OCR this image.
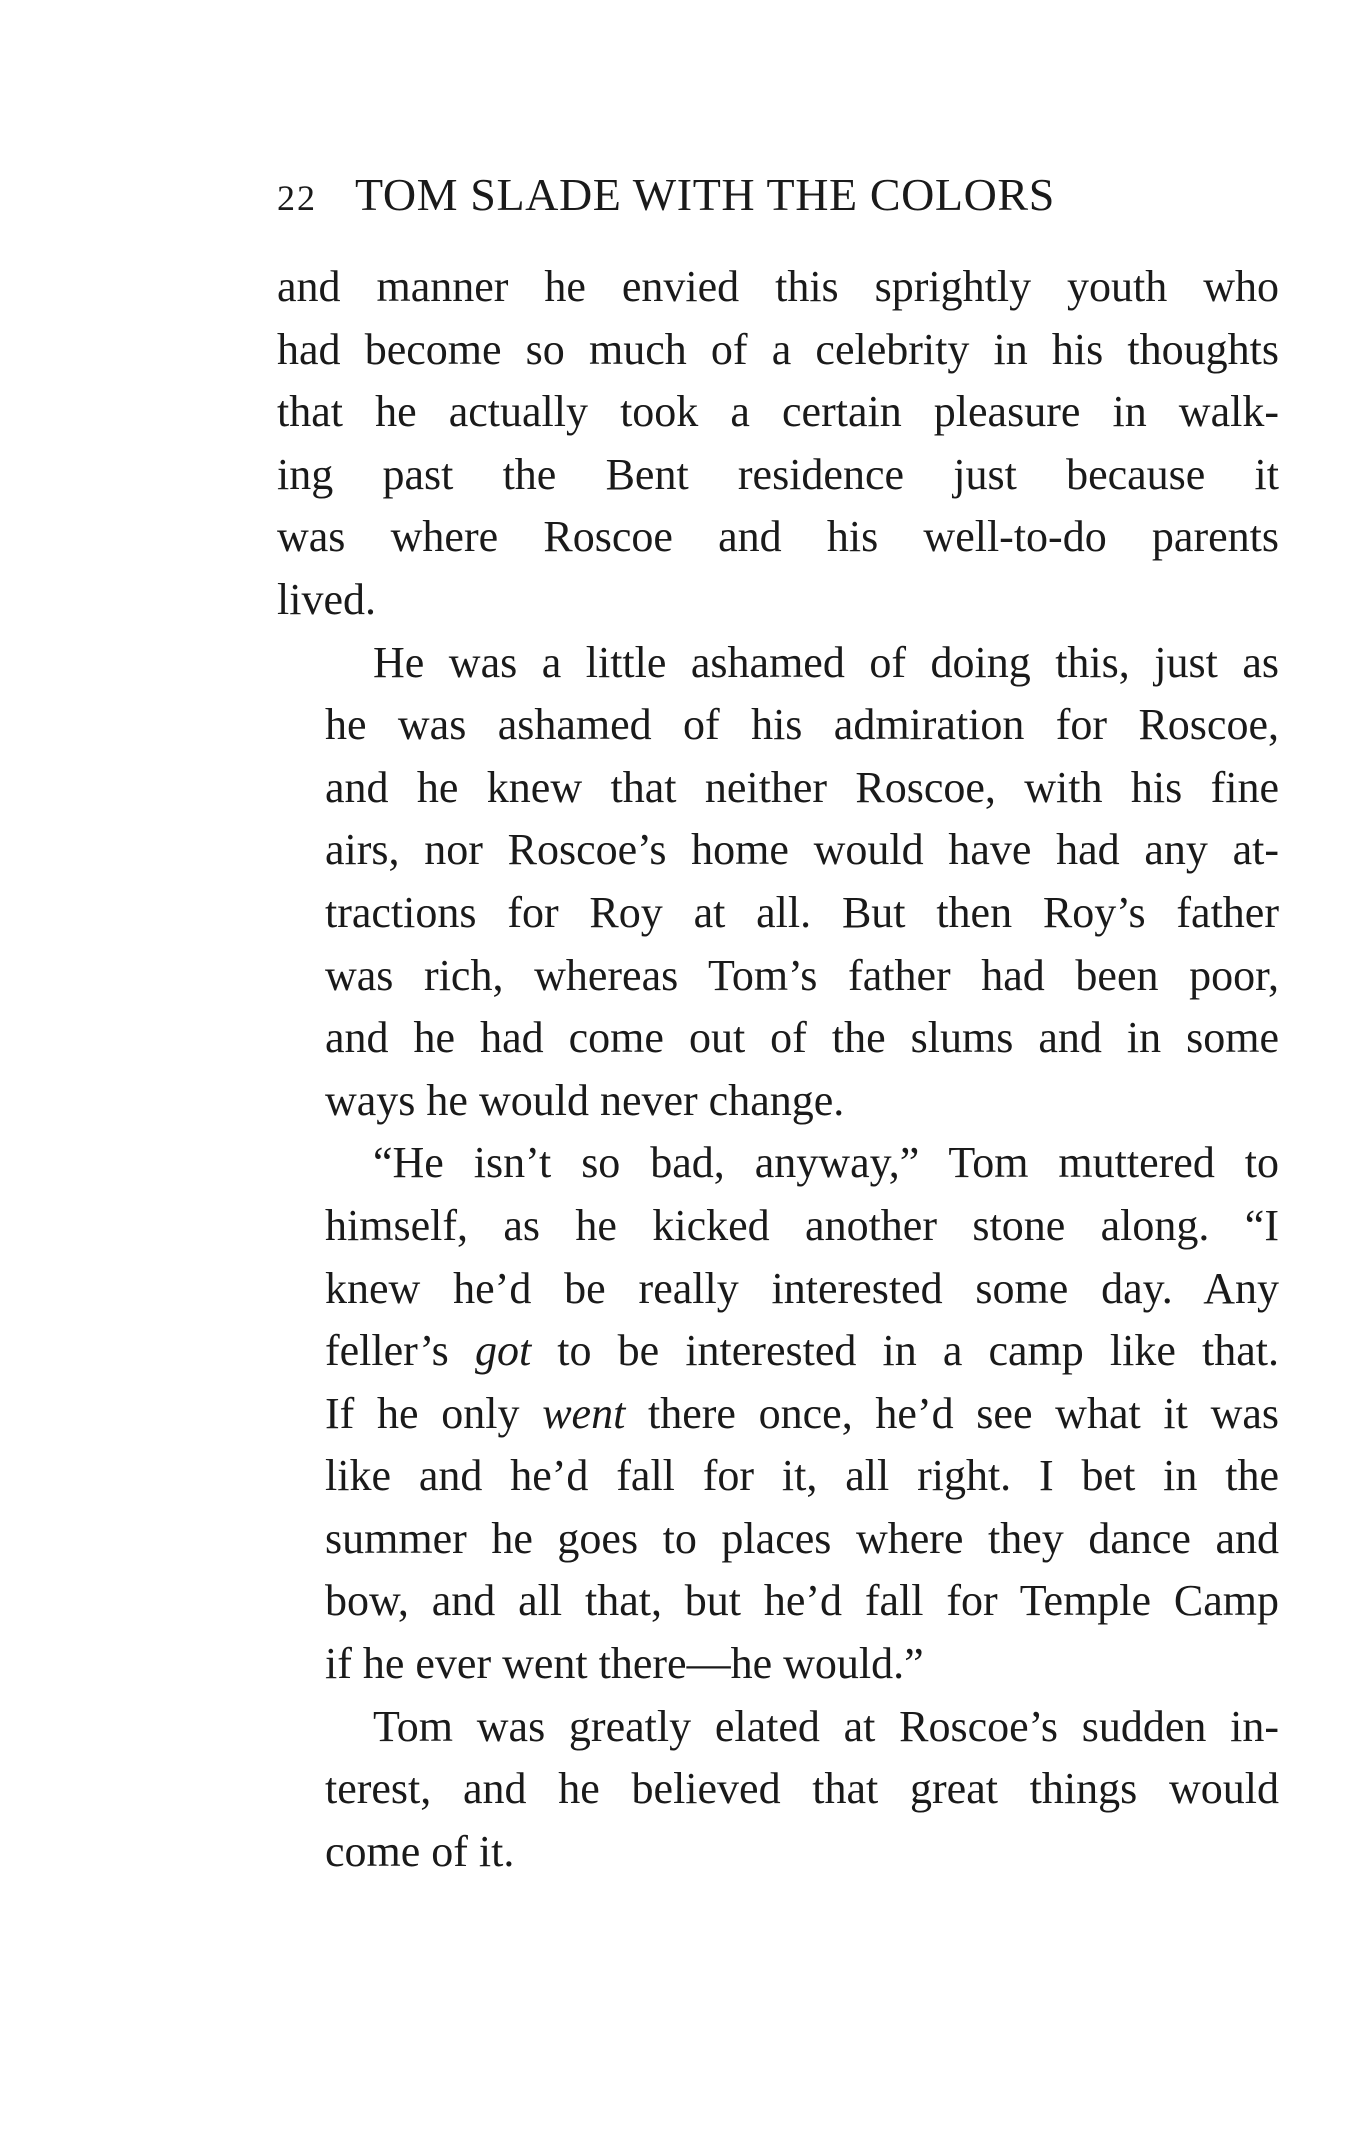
22 TOM SLADE WITH THE COLORS

and manner he envied this sprightly youth who
had become so much of a celebrity in his thoughts
that he actually took a certain pleasure in walk-
ing past the Bent residence just because it
was where Roscoe and his well-to-do parents
lived.

He was a little ashamed of doing this, just as
he was ashamed of his admiration for Roscoe,
and he knew that neither Roscoe, with his fine
airs, nor Roscoe’s home would have had any at-
tractions for Roy at all. But then Roy’s father
was rich, whereas Tom’s father had been poor,
and he had come out of the slums and in some
ways he would never change.

“He isn’t so bad, anyway,” Tom muttered to
himself, as he kicked another stone along. “I
knew he’d be really interested some day. Any
feller’s got to be interested in a camp like that.
If he only went there once, he’d see what it was
like and he’d fall for it, all right. I bet in the
summer he goes to places where they dance and
bow, and all that, but he’d fall for Temple Camp
if he ever went there—he would.”

Tom was greatly elated at Roscoe’s sudden in-
terest, and he believed that great things would
come of it.
